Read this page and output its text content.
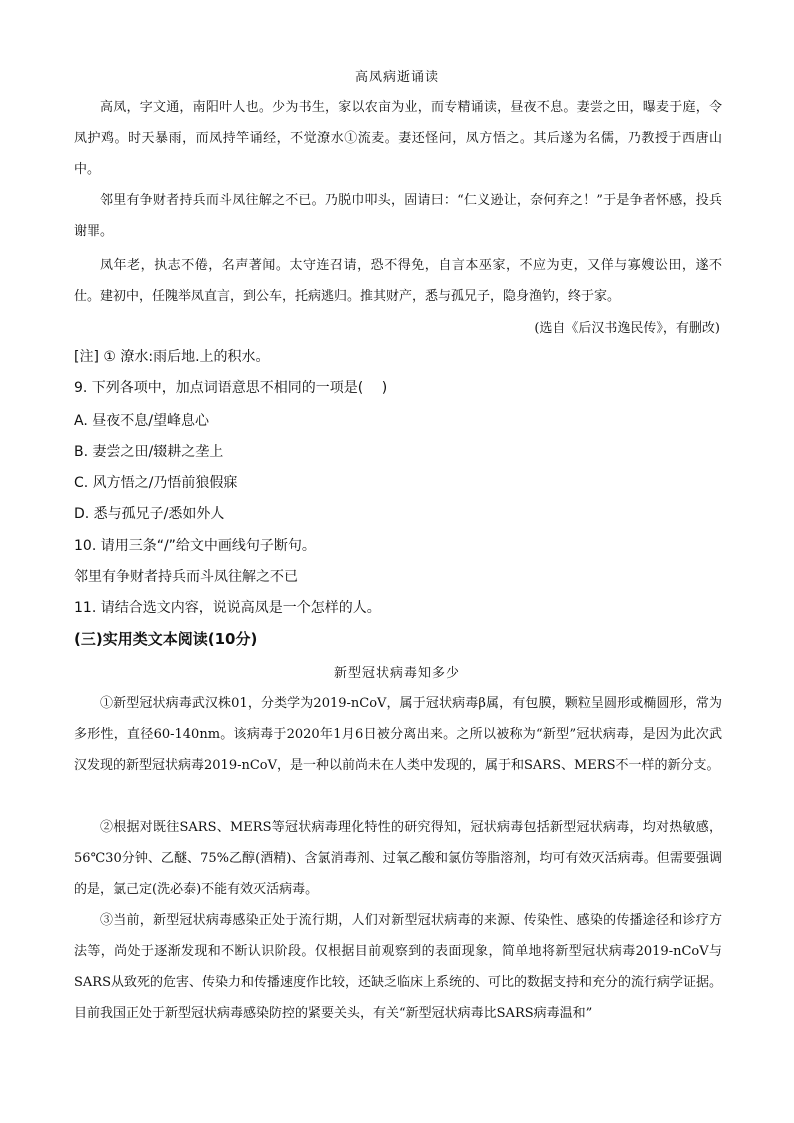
高凤病逝诵读

高凤，字文通，南阳叶人也。少为书生，家以农亩为业，而专精诵读，昼夜不息。妻尝之田，曝麦于庭，令凤护鸡。时天暴雨，而凤持竿诵经，不觉潦水①流麦。妻还怪问，凤方悟之。其后遂为名儒，乃教授于西唐山中。

邻里有争财者持兵而斗凤往解之不已。乃脱巾叩头，固请曰：“仁义逊让，奈何弃之！”于是争者怀感，投兵谢罪。

凤年老，执志不倦，名声著闻。太守连召请，恐不得免，自言本巫家，不应为吏，又佯与寡嫂讼田，遂不仕。建初中，任隗举凤直言，到公车，托病逃归。推其财产，悉与孤兄子，隐身渔钓，终于家。

(选自《后汉书逸民传》，有删改)
[注] ① 潦水:雨后地.上的积水。
9. 下列各项中，加点词语意思不相同的一项是(　 )
A. 昼夜不息/望峰息心
B. 妻尝之田/辍耕之垄上
C. 风方悟之/乃悟前狼假寐
D. 悉与孤兄子/悉如外人
10. 请用三条“/”给文中画线句子断句。
邻里有争财者持兵而斗凤往解之不已
11. 请结合选文内容，说说高凤是一个怎样的人。
(三)实用类文本阅读(10分)
新型冠状病毒知多少

①新型冠状病毒武汉株01，分类学为2019-nCoV，属于冠状病毒β属，有包膜，颗粒呈圆形或椭圆形，常为多形性，直径60-140nm。该病毒于2020年1月6日被分离出来。之所以被称为“新型”冠状病毒，是因为此次武汉发现的新型冠状病毒2019-nCoV，是一种以前尚未在人类中发现的，属于和SARS、MERS不一样的新分支。

②根据对既往SARS、MERS等冠状病毒理化特性的研究得知，冠状病毒包括新型冠状病毒，均对热敏感，56℃30分钟、乙醚、75%乙醇(酒精)、含氯消毒剂、过氧乙酸和氯仿等脂溶剂，均可有效灭活病毒。但需要强调的是，氯己定(洗必泰)不能有效灭活病毒。

③当前，新型冠状病毒感染正处于流行期，人们对新型冠状病毒的来源、传染性、感染的传播途径和诊疗方法等，尚处于逐渐发现和不断认识阶段。仅根据目前观察到的表面现象，简单地将新型冠状病毒2019-nCoV与SARS从致死的危害、传染力和传播速度作比较，还缺乏临床上系统的、可比的数据支持和充分的流行病学证据。目前我国正处于新型冠状病毒感染防控的紧要关头，有关“新型冠状病毒比SARS病毒温和”
